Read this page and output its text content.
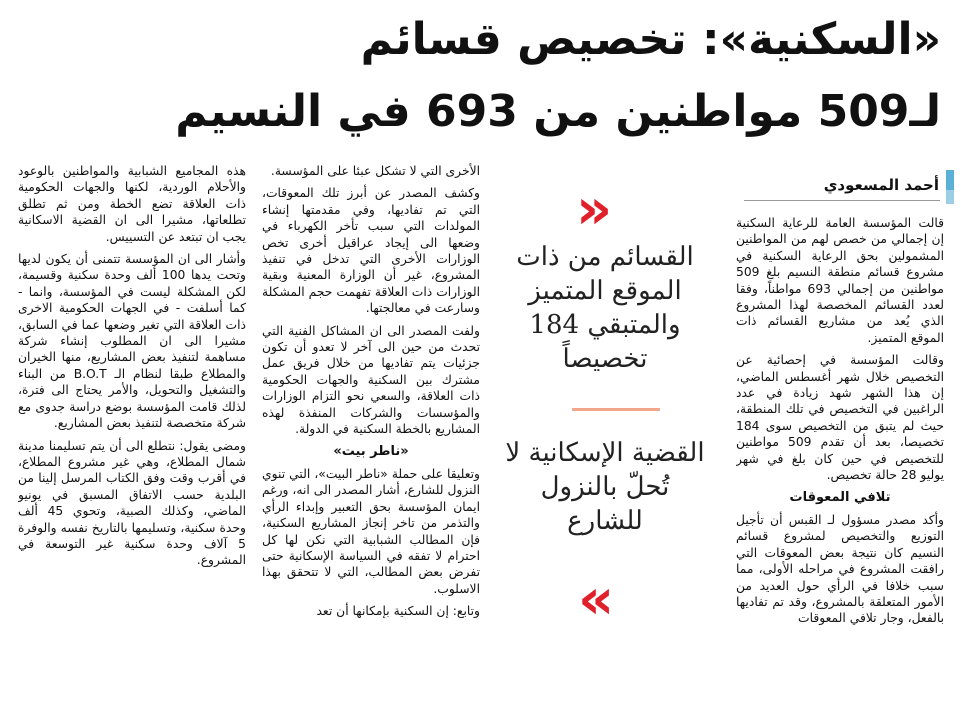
«السكنية»: تخصيص قسائم
لـ509 مواطنين من 693 في النسيم
أحمد المسعودي

قالت المؤسسة العامة للرعاية السكنية إن إجمالي من خصص لهم من المواطنين المشمولين بحق الرعاية السكنية في مشروع قسائم منطقة النسيم بلغ 509 مواطنين من إجمالي 693 مواطناً، وفقا لعدد القسائم المخصصة لهذا المشروع الذي يُعد من مشاريع القسائم ذات الموقع المتميز.

وقالت المؤسسة في إحصائية عن التخصيص خلال شهر أغسطس الماضي، إن هذا الشهر شهد زيادة في عدد الراغبين في التخصيص في تلك المنطقة، حيث لم يتبق من التخصيص سوى 184 تخصيصا، بعد أن تقدم 509 مواطنين للتخصيص في حين كان بلغ في شهر يوليو 28 حالة تخصيص.

تلافي المعوقات

وأكد مصدر مسؤول لـ القبس أن تأجيل التوزيع والتخصيص لمشروع قسائم النسيم كان نتيجة بعض المعوقات التي رافقت المشروع في مراحله الأولى، مما سبب خلافا في الرأي حول العديد من الأمور المتعلقة بالمشروع، وقد تم تفاديها بالفعل، وجار تلافي المعوقات

»
القسائم من ذات الموقع المتميز والمتبقي 184 تخصيصاً
القضية الإسكانية لا تُحلّ بالنزول للشارع
«

الأخرى التي لا تشكل عبئا على المؤسسة.

وكشف المصدر عن أبرز تلك المعوقات، التي تم تفاديها، وفي مقدمتها إنشاء المولدات التي سبب تأخر الكهرباء في وضعها الى إيجاد عراقيل أخرى تخص الوزارات الأخرى التي تدخل في تنفيذ المشروع، غير أن الوزارة المعنية وبقية الوزارات ذات العلاقة تفهمت حجم المشكلة وسارعت في معالجتها.

ولفت المصدر الى ان المشاكل الفنية التي تحدث من حين الى آخر لا تعدو أن تكون جزئيات يتم تفاديها من خلال فريق عمل مشترك بين السكنية والجهات الحكومية ذات العلاقة، والسعي نحو التزام الوزارات والمؤسسات والشركات المنفذة لهذه المشاريع بالخطة السكنية في الدولة.

«ناطر بيت»

وتعليقا على حملة «ناطر البيت»، التي تنوي النزول للشارع، أشار المصدر الى انه، ورغم ايمان المؤسسة بحق التعبير وإبداء الرأي والتذمر من تاخر إنجاز المشاريع السكنية، فإن المطالب الشبابية التي نكن لها كل احترام لا تفقه في السياسة الإسكانية حتى تفرض بعض المطالب، التي لا تتحقق بهذا الاسلوب.

وتابع: إن السكنية بإمكانها أن تعد

هذه المجاميع الشبابية والمواطنين بالوعود والأحلام الوردية، لكنها والجهات الحكومية ذات العلاقة تضع الخطة ومن ثم تطلق تطلعاتها، مشيرا الى ان القضية الاسكانية يجب ان تبتعد عن التسييس.

وأشار الى ان المؤسسة تتمنى أن يكون لديها وتحت يدها 100 ألف وحدة سكنية وقسيمة، لكن المشكلة ليست في المؤسسة، وانما - كما أسلفت - في الجهات الحكومية الاخرى ذات العلاقة التي تغير وضعها عما في السابق، مشيرا الى ان المطلوب إنشاء شركة مساهمة لتنفيذ بعض المشاريع، منها الخيران والمطلاع طبقا لنظام الـ B.O.T من البناء والتشغيل والتحويل، والأمر يحتاج الى فترة، لذلك قامت المؤسسة بوضع دراسة جدوى مع شركة متخصصة لتنفيذ بعض المشاريع.

ومضى يقول: نتطلع الى أن يتم تسليمنا مدينة شمال المطلاع، وهي غير مشروع المطلاع، في أقرب وقت وفق الكتاب المرسل إلينا من البلدية حسب الاتفاق المسبق في يونيو الماضي، وكذلك الصبية، وتحوي 45 ألف وحدة سكنية، وتسليمها بالتاريخ نفسه والوفرة 5 آلاف وحدة سكنية غير التوسعة في المشروع.
